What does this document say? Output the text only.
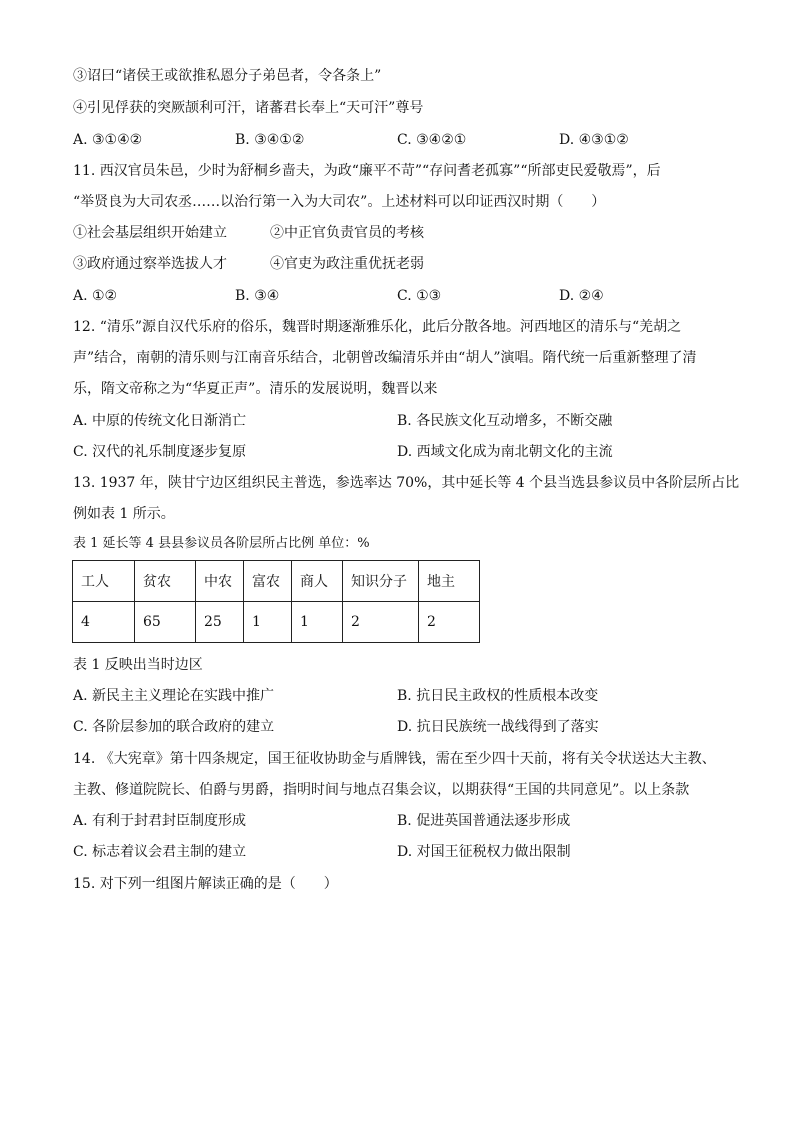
③诏曰“诸侯王或欲推私恩分子弟邑者，令各条上”
④引见俘获的突厥颉利可汗，诸蕃君长奉上“天可汗”尊号
A. ③①④②	B. ③④①②	C. ③④②①	D. ④③①②
11. 西汉官员朱邑，少时为舒桐乡啬夫，为政“廉平不苛”“存问耆老孤寡”“所部吏民爱敬焉”，后
“举贤良为大司农丞……以治行第一入为大司农”。上述材料可以印证西汉时期（　　）
①社会基层组织开始建立	②中正官负责官员的考核
③政府通过察举选拔人才	④官吏为政注重优抚老弱
A. ①②	B. ③④	C. ①③	D. ②④
12. “清乐”源自汉代乐府的俗乐，魏晋时期逐渐雅乐化，此后分散各地。河西地区的清乐与“羌胡之
声”结合，南朝的清乐则与江南音乐结合，北朝曾改编清乐并由“胡人”演唱。隋代统一后重新整理了清
乐，隋文帝称之为“华夏正声”。清乐的发展说明，魏晋以来
A. 中原的传统文化日渐消亡	B. 各民族文化互动增多，不断交融
C. 汉代的礼乐制度逐步复原	D. 西域文化成为南北朝文化的主流
13. 1937 年，陕甘宁边区组织民主普选，参选率达 70%，其中延长等 4 个县当选县参议员中各阶层所占比
例如表 1 所示。
表 1 延长等 4 县县参议员各阶层所占比例 单位：%
工人	贫农	中农	富农	商人	知识分子	地主
4	65	25	1	1	2	2
表 1 反映出当时边区
A. 新民主主义理论在实践中推广	B. 抗日民主政权的性质根本改变
C. 各阶层参加的联合政府的建立	D. 抗日民族统一战线得到了落实
14. 《大宪章》第十四条规定，国王征收协助金与盾牌钱，需在至少四十天前，将有关令状送达大主教、
主教、修道院院长、伯爵与男爵，指明时间与地点召集会议，以期获得“王国的共同意见”。以上条款
A. 有利于封君封臣制度形成	B. 促进英国普通法逐步形成
C. 标志着议会君主制的建立	D. 对国王征税权力做出限制
15. 对下列一组图片解读正确的是（　　）
